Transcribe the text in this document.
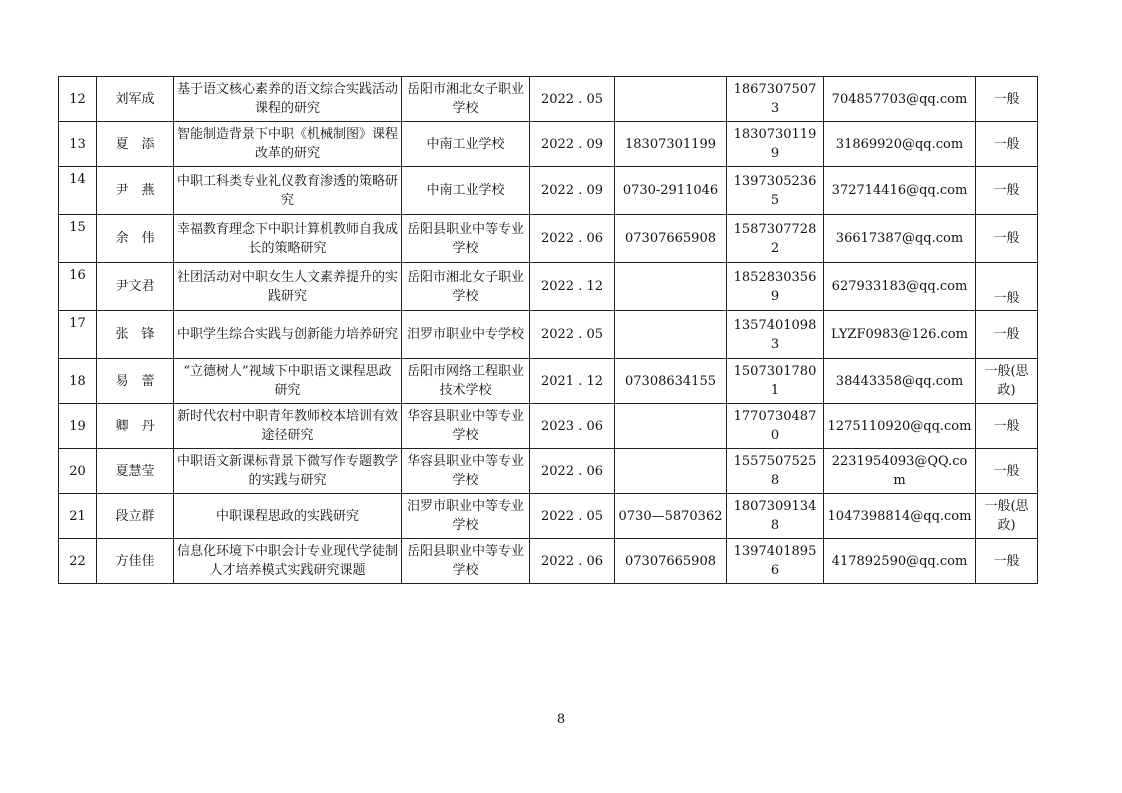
12	刘军成	基于语文核心素养的语文综合实践活动课程的研究	岳阳市湘北女子职业学校	2022 . 05		18673075073	704857703@qq.com	一般
13	夏　添	智能制造背景下中职《机械制图》课程改革的研究	中南工业学校	2022 . 09	18307301199	18307301199	31869920@qq.com	一般
14	尹　燕	中职工科类专业礼仪教育渗透的策略研究	中南工业学校	2022 . 09	0730-2911046	13973052365	372714416@qq.com	一般
15	余　伟	幸福教育理念下中职计算机教师自我成长的策略研究	岳阳县职业中等专业学校	2022 . 06	07307665908	15873077282	36617387@qq.com	一般
16	尹文君	社团活动对中职女生人文素养提升的实践研究	岳阳市湘北女子职业学校	2022 . 12		18528303569	627933183@qq.com	一般
17	张　锋	中职学生综合实践与创新能力培养研究	汨罗市职业中专学校	2022 . 05		13574010983	LYZF0983@126.com	一般
18	易　蕾	“立德树人”视域下中职语文课程思政研究	岳阳市网络工程职业技术学校	2021 . 12	07308634155	15073017801	38443358@qq.com	一般(思政)
19	卿　丹	新时代农村中职青年教师校本培训有效途径研究	华容县职业中等专业学校	2023 . 06		17707304870	1275110920@qq.com	一般
20	夏慧莹	中职语文新课标背景下微写作专题教学的实践与研究	华容县职业中等专业学校	2022 . 06		15575075258	2231954093@QQ.com	一般
21	段立群	中职课程思政的实践研究	汨罗市职业中等专业学校	2022 . 05	0730—5870362	18073091348	1047398814@qq.com	一般(思政)
22	方佳佳	信息化环境下中职会计专业现代学徒制人才培养模式实践研究课题	岳阳县职业中等专业学校	2022 . 06	07307665908	13974018956	417892590@qq.com	一般
8
